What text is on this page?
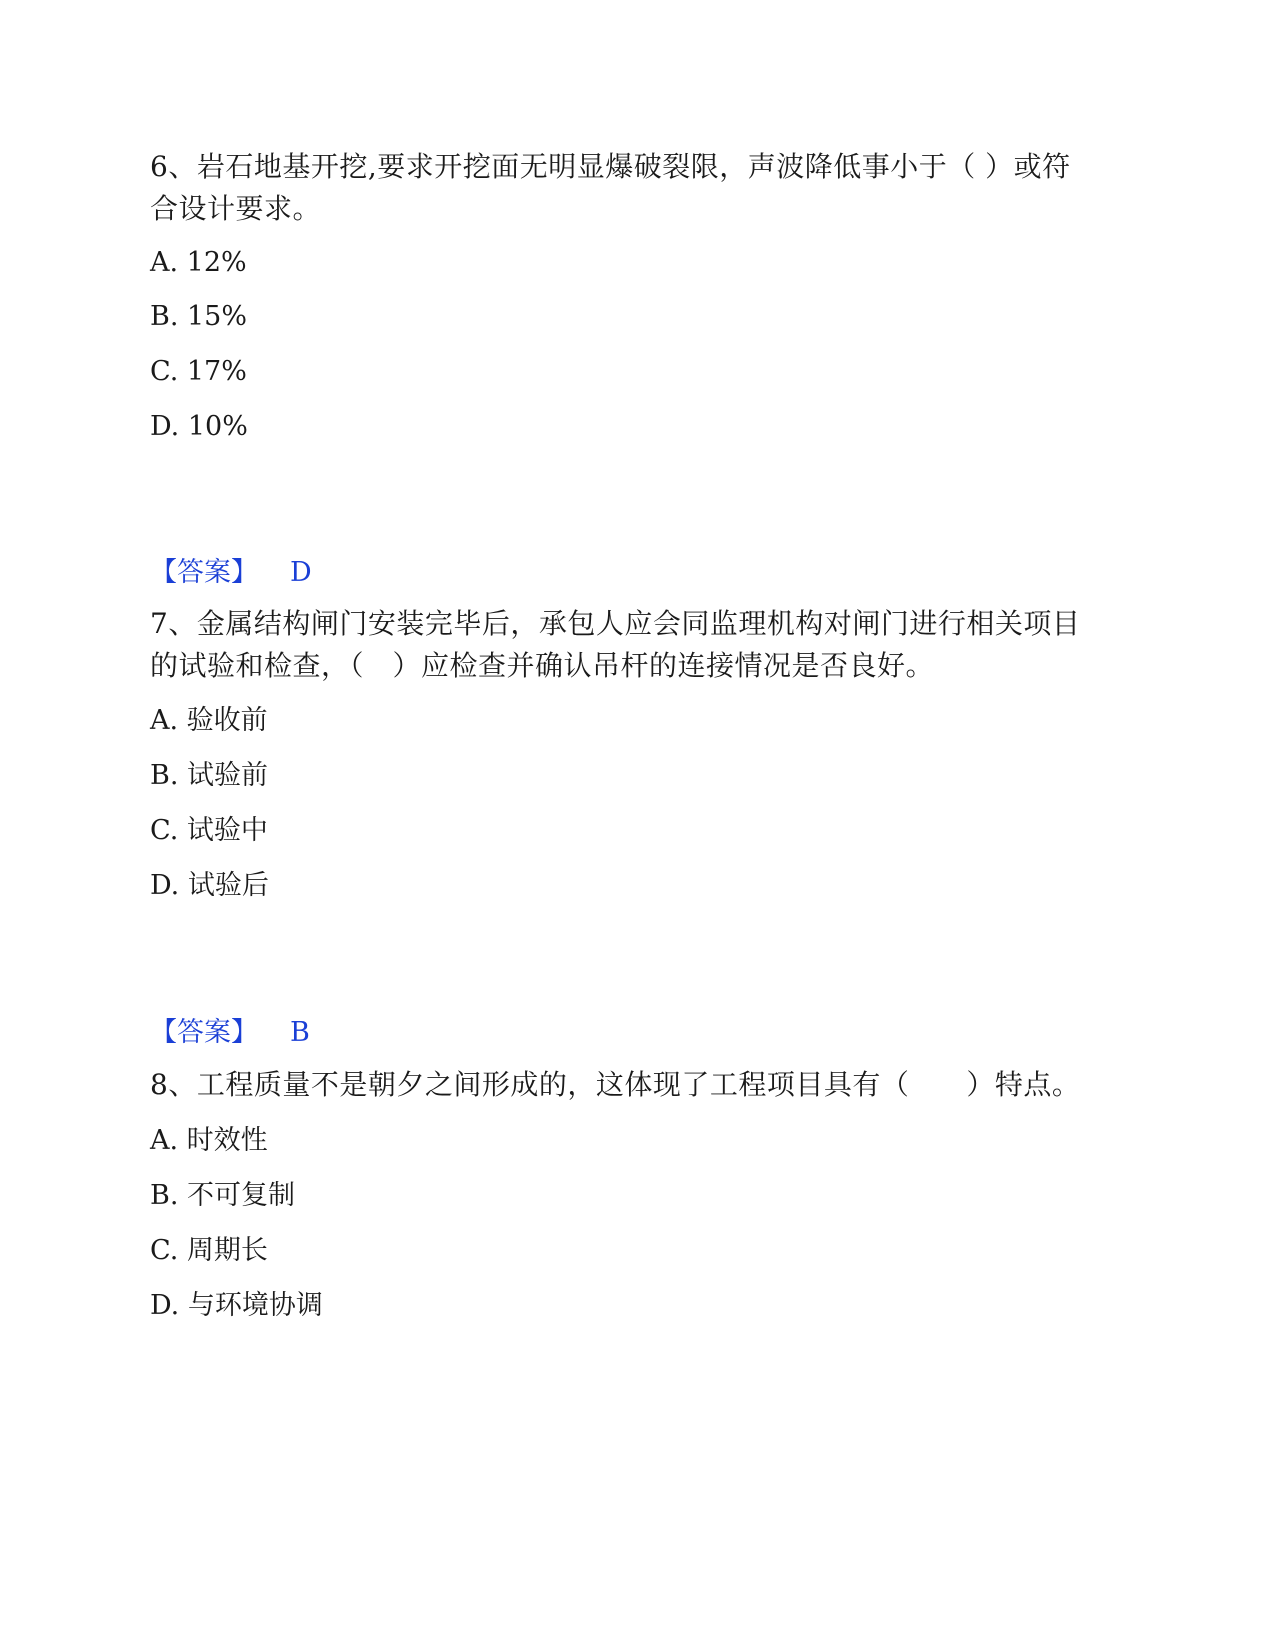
6、岩石地基开挖,要求开挖面无明显爆破裂限，声波降低事小于（ ）或符
合设计要求。
A. 12%
B. 15%
C. 17%
D. 10%
【答案】 D
7、金属结构闸门安装完毕后，承包人应会同监理机构对闸门进行相关项目
的试验和检查，（　）应检查并确认吊杆的连接情况是否良好。
A. 验收前
B. 试验前
C. 试验中
D. 试验后
【答案】 B
8、工程质量不是朝夕之间形成的，这体现了工程项目具有（　　）特点。
A. 时效性
B. 不可复制
C. 周期长
D. 与环境协调
